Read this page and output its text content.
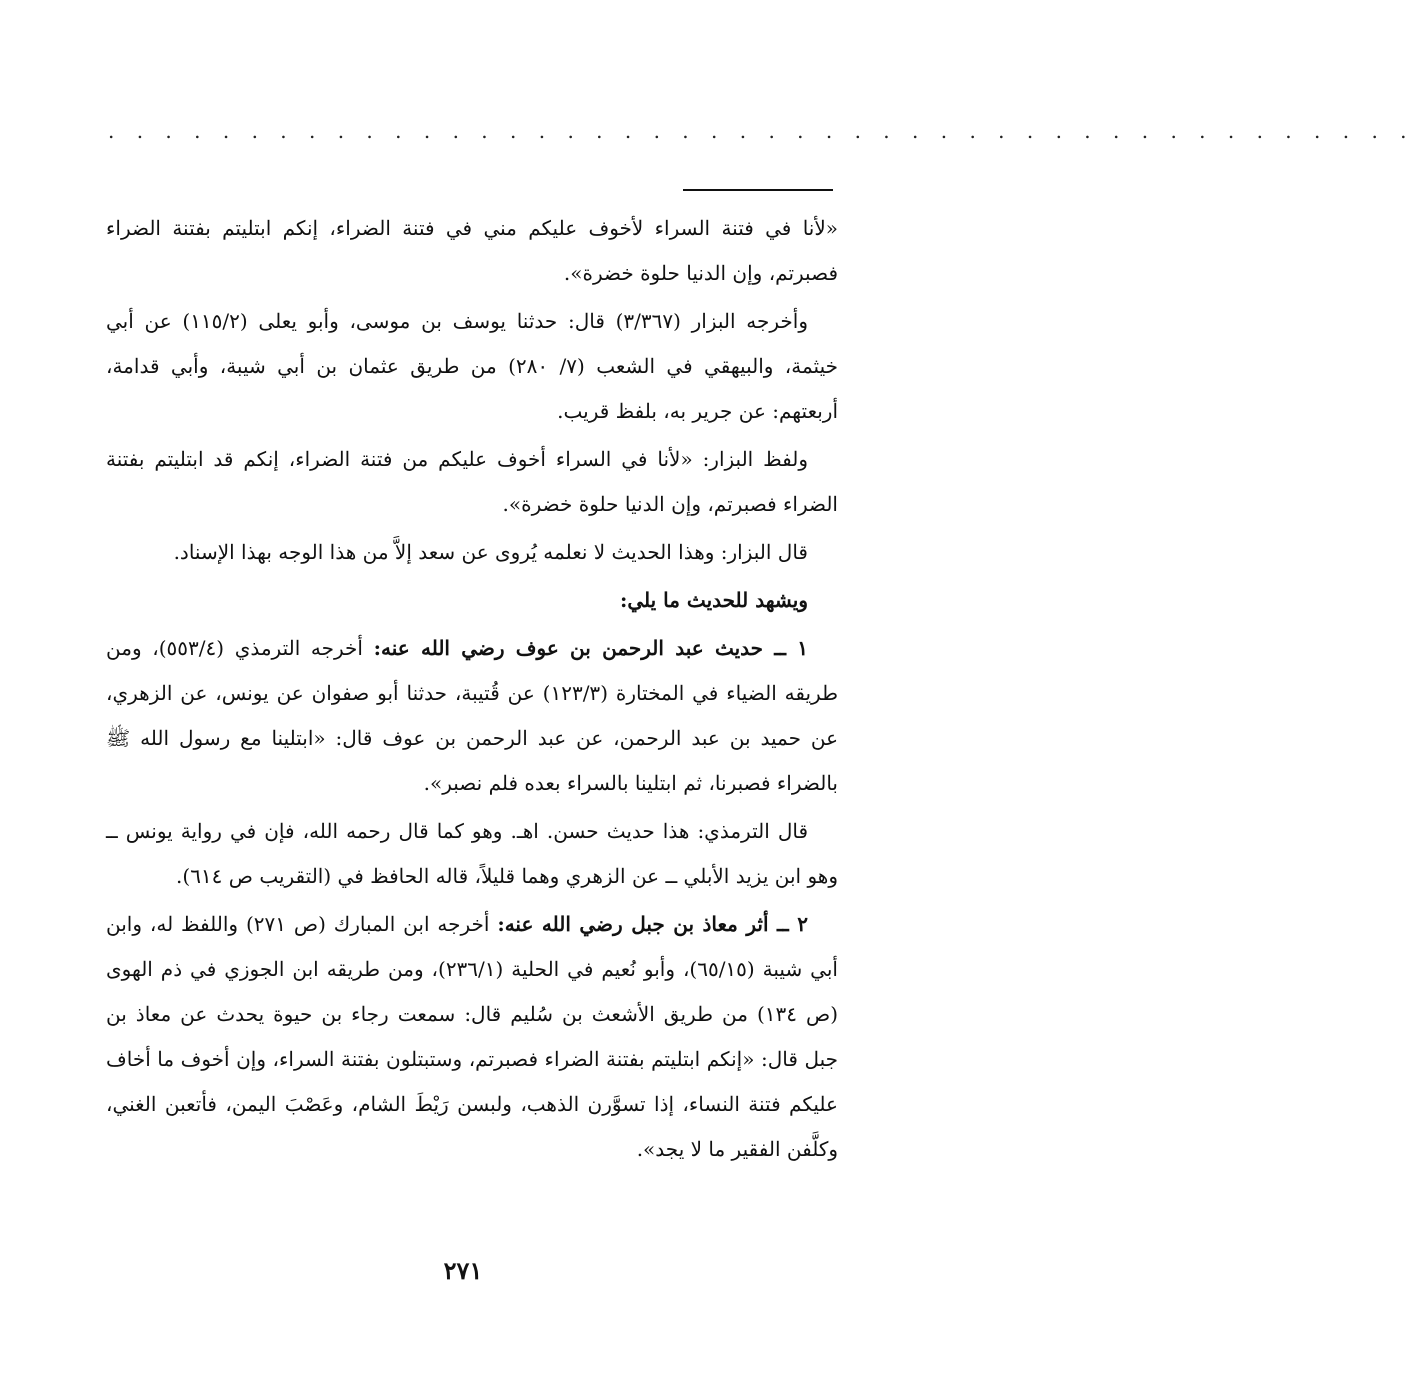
. . . . . . . . . . . . . . . . . . . . . . . . . . . . . . . . . . . . . . . . . . . . . .

«لأنا في فتنة السراء لأخوف عليكم مني في فتنة الضراء، إنكم ابتليتم بفتنة الضراء فصبرتم، وإن الدنيا حلوة خضرة».

وأخرجه البزار (٣/٣٦٧) قال: حدثنا يوسف بن موسى، وأبو يعلى (١١٥/٢) عن أبي خيثمة، والبيهقي في الشعب (٧/ ٢٨٠) من طريق عثمان بن أبي شيبة، وأبي قدامة، أربعتهم: عن جرير به، بلفظ قريب.

ولفظ البزار: «لأنا في السراء أخوف عليكم من فتنة الضراء، إنكم قد ابتليتم بفتنة الضراء فصبرتم، وإن الدنيا حلوة خضرة».

قال البزار: وهذا الحديث لا نعلمه يُروى عن سعد إلاَّ من هذا الوجه بهذا الإسناد.

ويشهد للحديث ما يلي:

١ ــ حديث عبد الرحمن بن عوف رضي الله عنه: أخرجه الترمذي (٥٥٣/٤)، ومن طريقه الضياء في المختارة (١٢٣/٣) عن قُتيبة، حدثنا أبو صفوان عن يونس، عن الزهري، عن حميد بن عبد الرحمن، عن عبد الرحمن بن عوف قال: «ابتلينا مع رسول الله ﷺ بالضراء فصبرنا، ثم ابتلينا بالسراء بعده فلم نصبر».

قال الترمذي: هذا حديث حسن. اهـ. وهو كما قال رحمه الله، فإن في رواية يونس ــ وهو ابن يزيد الأبلي ــ عن الزهري وهما قليلاً، قاله الحافظ في (التقريب ص ٦١٤).

٢ ــ أثر معاذ بن جبل رضي الله عنه: أخرجه ابن المبارك (ص ٢٧١) واللفظ له، وابن أبي شيبة (٦٥/١٥)، وأبو نُعيم في الحلية (٢٣٦/١)، ومن طريقه ابن الجوزي في ذم الهوى (ص ١٣٤) من طريق الأشعث بن سُليم قال: سمعت رجاء بن حيوة يحدث عن معاذ بن جبل قال: «إنكم ابتليتم بفتنة الضراء فصبرتم، وستبتلون بفتنة السراء، وإن أخوف ما أخاف عليكم فتنة النساء، إذا تسوَّرن الذهب، ولبسن رَيْطَ الشام، وعَصْبَ اليمن، فأتعبن الغني، وكلَّفن الفقير ما لا يجد».

٢٧١
